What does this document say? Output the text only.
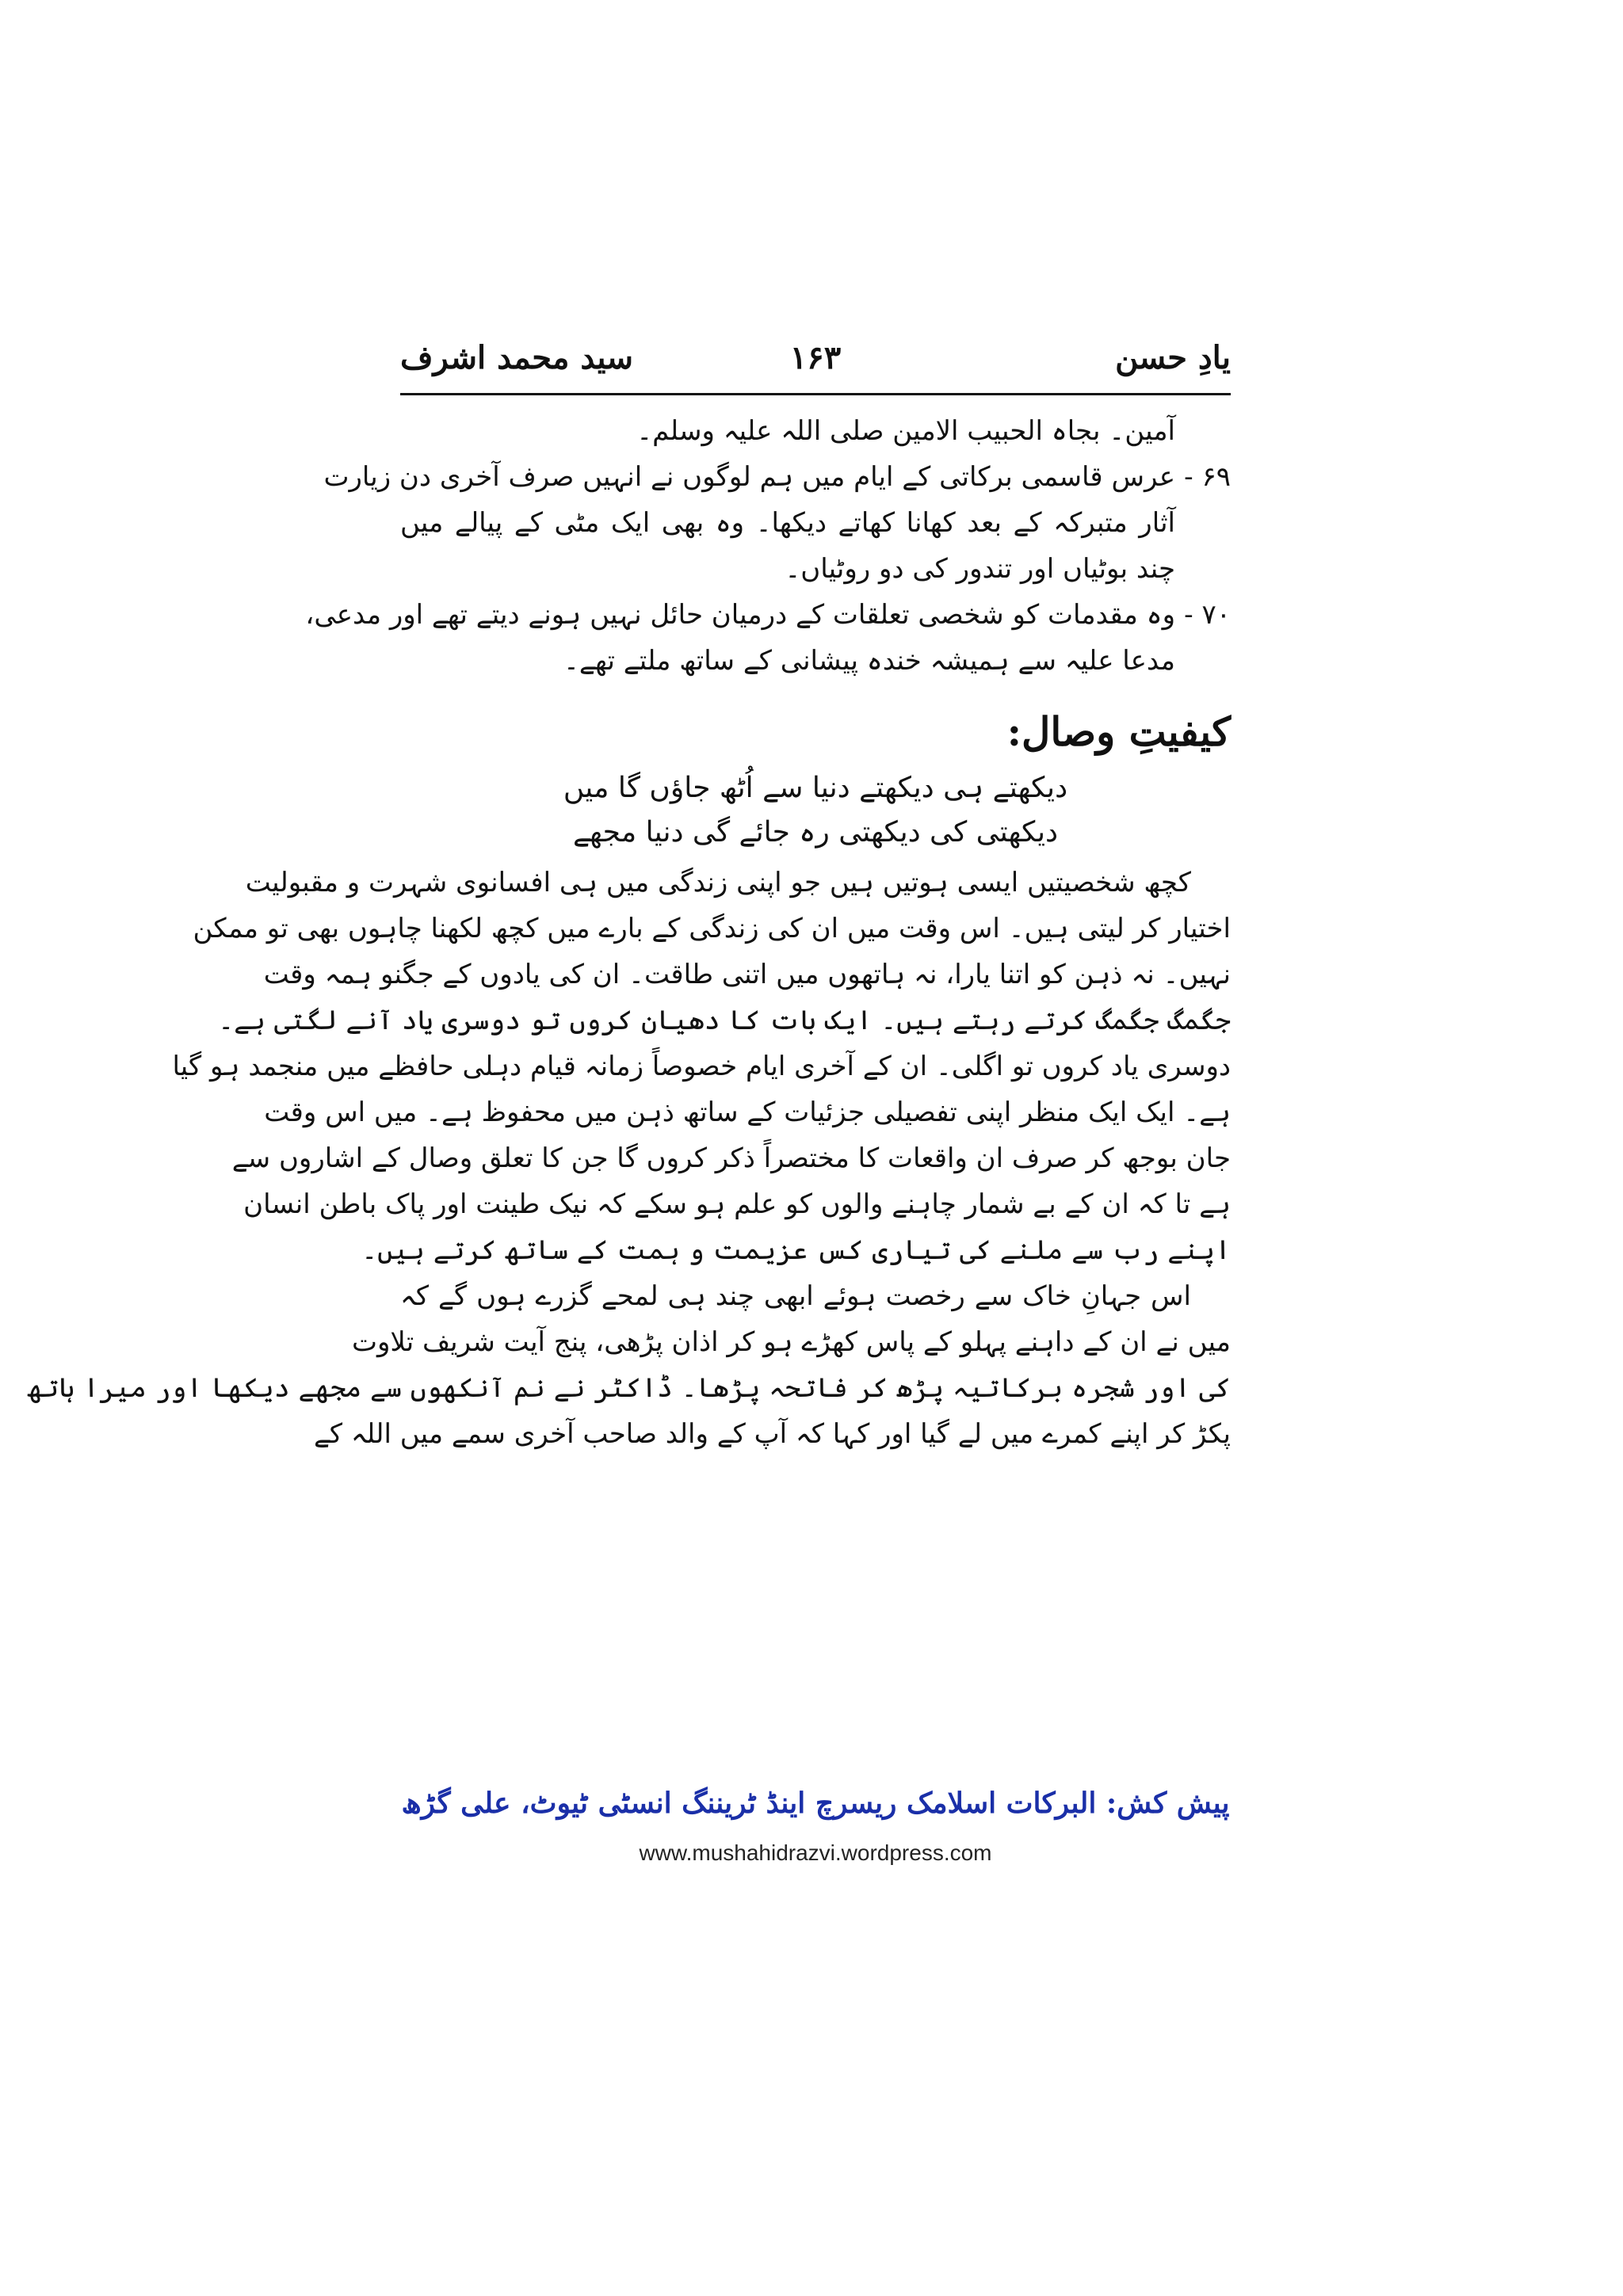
یادِ حسن
۱۶۳
سید محمد اشرف
آمین۔ بجاہ الحبیب الامین صلی اللہ علیہ وسلم۔
۶۹ -
عرس قاسمی برکاتی کے ایام میں ہم لوگوں نے انہیں صرف آخری دن زیارت
آثار متبرکہ کے بعد کھانا کھاتے دیکھا۔ وہ بھی ایک مٹی کے پیالے میں
چند بوٹیاں اور تندور کی دو روٹیاں۔
۷۰ -
وہ مقدمات کو شخصی تعلقات کے درمیان حائل نہیں ہونے دیتے تھے اور مدعی،
مدعا علیہ سے ہمیشہ خندہ پیشانی کے ساتھ ملتے تھے۔
کیفیتِ وصال:
دیکھتے ہی دیکھتے دنیا سے اُٹھ جاؤں گا میں
دیکھتی کی دیکھتی رہ جائے گی دنیا مجھے
کچھ شخصیتیں ایسی ہوتیں ہیں جو اپنی زندگی میں ہی افسانوی شہرت و مقبولیت
اختیار کر لیتی ہیں۔ اس وقت میں ان کی زندگی کے بارے میں کچھ لکھنا چاہوں بھی تو ممکن
نہیں۔ نہ ذہن کو اتنا یارا، نہ ہاتھوں میں اتنی طاقت۔ ان کی یادوں کے جگنو ہمہ وقت
جگمگ جگمگ کرتے رہتے ہیں۔ ایک بات کا دھیان کروں تو دوسری یاد آنے لگتی ہے۔
دوسری یاد کروں تو اگلی۔ ان کے آخری ایام خصوصاً زمانہ قیام دہلی حافظے میں منجمد ہو گیا
ہے۔ ایک ایک منظر اپنی تفصیلی جزئیات کے ساتھ ذہن میں محفوظ ہے۔ میں اس وقت
جان بوجھ کر صرف ان واقعات کا مختصراً ذکر کروں گا جن کا تعلق وصال کے اشاروں سے
ہے تا کہ ان کے بے شمار چاہنے والوں کو علم ہو سکے کہ نیک طینت اور پاک باطن انسان
اپنے رب سے ملنے کی تیاری کس عزیمت و ہمت کے ساتھ کرتے ہیں۔
اس جہانِ خاک سے رخصت ہوئے ابھی چند ہی لمحے گزرے ہوں گے کہ
میں نے ان کے داہنے پہلو کے پاس کھڑے ہو کر اذان پڑھی، پنج آیت شریف تلاوت
کی اور شجرہ برکاتیہ پڑھ کر فاتحہ پڑھا۔ ڈاکٹر نے نم آنکھوں سے مجھے دیکھا اور میرا ہاتھ
پکڑ کر اپنے کمرے میں لے گیا اور کہا کہ آپ کے والد صاحب آخری سمے میں اللہ کے
پیش کش: البرکات اسلامک ریسرچ اینڈ ٹریننگ انسٹی ٹیوٹ، علی گڑھ
www.mushahidrazvi.wordpress.com
